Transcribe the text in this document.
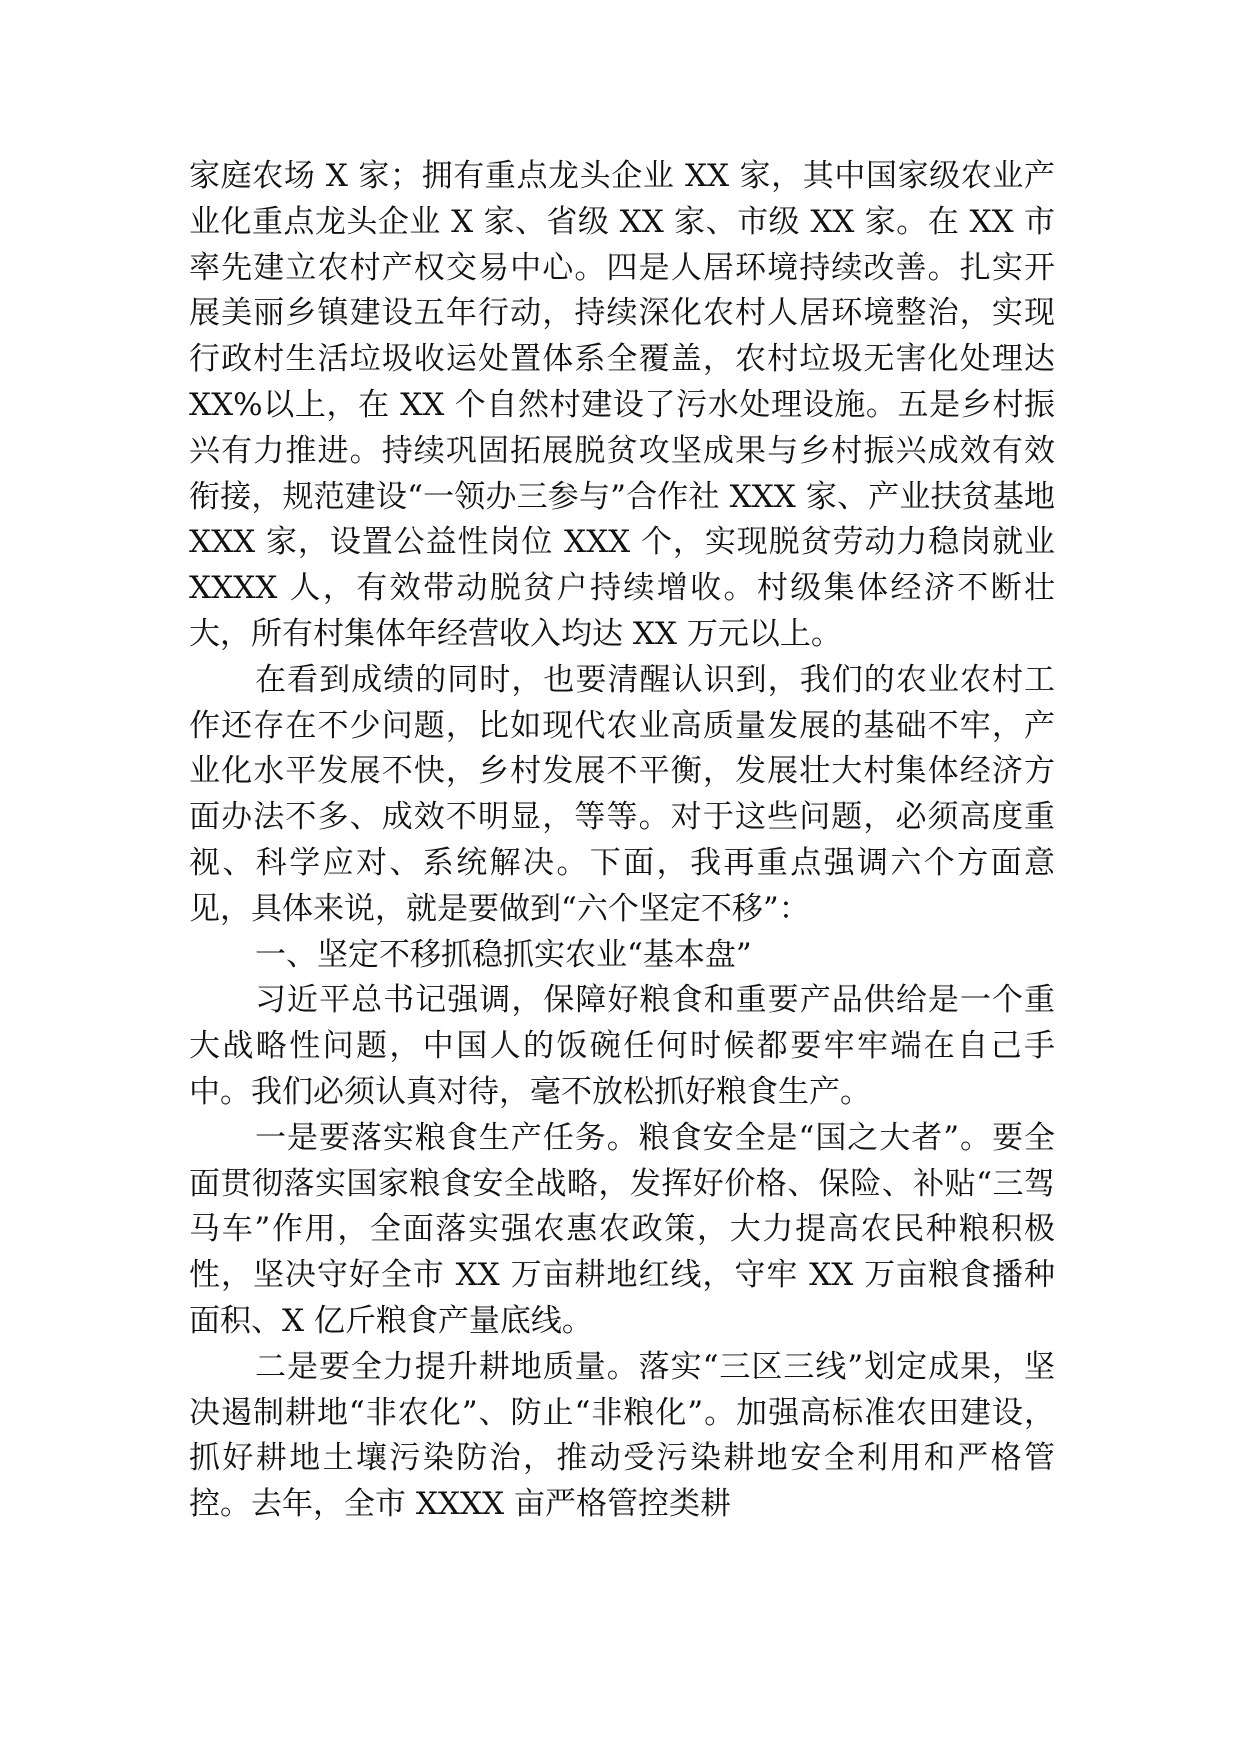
家庭农场 X 家；拥有重点龙头企业 XX 家，其中国家级农业产业化重点龙头企业 X 家、省级 XX 家、市级 XX 家。在 XX 市率先建立农村产权交易中心。四是人居环境持续改善。扎实开展美丽乡镇建设五年行动，持续深化农村人居环境整治，实现行政村生活垃圾收运处置体系全覆盖，农村垃圾无害化处理达 XX%以上，在 XX 个自然村建设了污水处理设施。五是乡村振兴有力推进。持续巩固拓展脱贫攻坚成果与乡村振兴成效有效衔接，规范建设“一领办三参与”合作社 XXX 家、产业扶贫基地 XXX 家，设置公益性岗位 XXX 个，实现脱贫劳动力稳岗就业 XXXX 人，有效带动脱贫户持续增收。村级集体经济不断壮大，所有村集体年经营收入均达 XX 万元以上。

在看到成绩的同时，也要清醒认识到，我们的农业农村工作还存在不少问题，比如现代农业高质量发展的基础不牢，产业化水平发展不快，乡村发展不平衡，发展壮大村集体经济方面办法不多、成效不明显，等等。对于这些问题，必须高度重视、科学应对、系统解决。下面，我再重点强调六个方面意见，具体来说，就是要做到“六个坚定不移”：

一、坚定不移抓稳抓实农业“基本盘”

习近平总书记强调，保障好粮食和重要产品供给是一个重大战略性问题，中国人的饭碗任何时候都要牢牢端在自己手中。我们必须认真对待，毫不放松抓好粮食生产。

一是要落实粮食生产任务。粮食安全是“国之大者”。要全面贯彻落实国家粮食安全战略，发挥好价格、保险、补贴“三驾马车”作用，全面落实强农惠农政策，大力提高农民种粮积极性，坚决守好全市 XX 万亩耕地红线，守牢 XX 万亩粮食播种面积、X 亿斤粮食产量底线。

二是要全力提升耕地质量。落实“三区三线”划定成果，坚决遏制耕地“非农化”、防止“非粮化”。加强高标准农田建设，抓好耕地土壤污染防治，推动受污染耕地安全利用和严格管控。去年，全市 XXXX 亩严格管控类耕
